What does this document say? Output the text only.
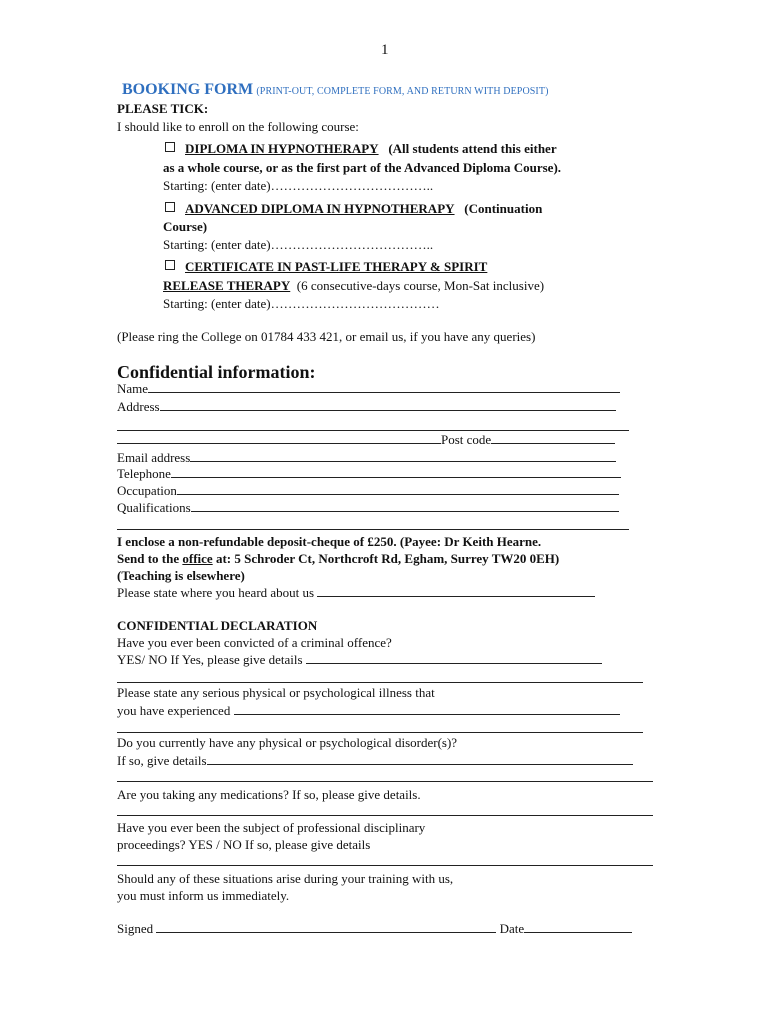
1
BOOKING FORM (PRINT-OUT, COMPLETE FORM, AND RETURN WITH DEPOSIT)
PLEASE TICK:
I should like to enroll on the following course:
DIPLOMA IN HYPNOTHERAPY (All students attend this either
as a whole course, or as the first part of the Advanced Diploma Course).
Starting: (enter date)………………………………..
ADVANCED DIPLOMA IN HYPNOTHERAPY (Continuation
Course)
Starting: (enter date)………………………………..
CERTIFICATE IN PAST-LIFE THERAPY & SPIRIT
RELEASE THERAPY (6 consecutive-days course, Mon-Sat inclusive)
Starting: (enter date)…………………………………
(Please ring the College on 01784 433 421, or email us, if you have any queries)
Confidential information:
Name
Address
Post code
Email address
Telephone
Occupation
Qualifications
I enclose a non-refundable deposit-cheque of £250. (Payee: Dr Keith Hearne.
Send to the office at: 5 Schroder Ct, Northcroft Rd, Egham, Surrey TW20 0EH)
(Teaching is elsewhere)
Please state where you heard about us
CONFIDENTIAL DECLARATION
Have you ever been convicted of a criminal offence?
YES/ NO If Yes, please give details
Please state any serious physical or psychological illness that
you have experienced
Do you currently have any physical or psychological disorder(s)?
If so, give details
Are you taking any medications? If so, please give details.
Have you ever been the subject of professional disciplinary
proceedings? YES / NO If so, please give details
Should any of these situations arise during your training with us,
you must inform us immediately.
Signed	Date
